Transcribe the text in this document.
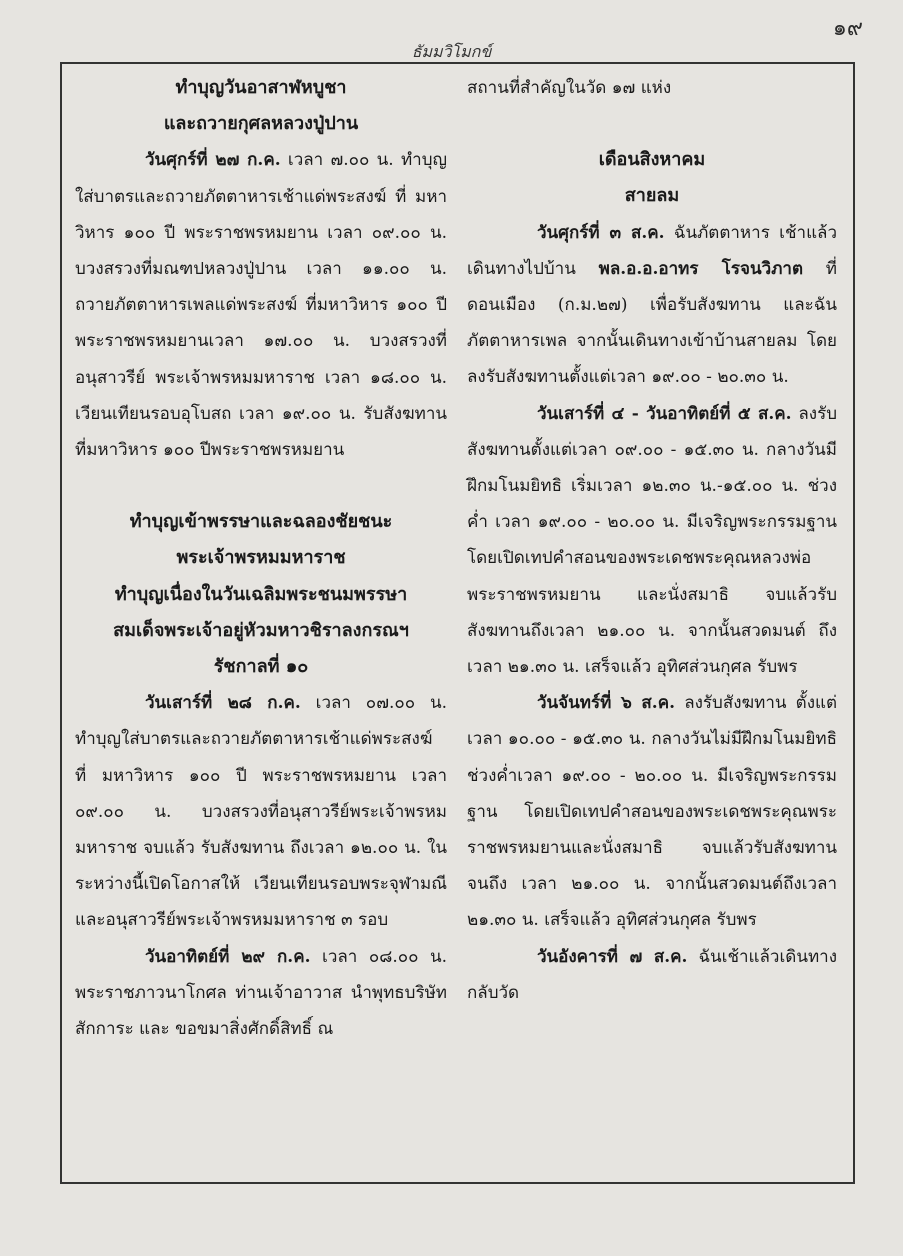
๑๙
ธัมมวิโมกข์

ทำบุญวันอาสาฬหบูชา

และถวายกุศลหลวงปู่ปาน

วันศุกร์ที่ ๒๗ ก.ค. เวลา ๗.๐๐ น. ทำบุญใส่บาตรและถวายภัตตาหารเช้าแด่พระสงฆ์ ที่ มหาวิหาร ๑๐๐ ปี พระราชพรหมยาน เวลา ๐๙.๐๐ น. บวงสรวงที่มณฑปหลวงปู่ปาน เวลา ๑๑.๐๐ น. ถวายภัตตาหารเพลแด่พระสงฆ์ ที่มหาวิหาร ๑๐๐ ปีพระราชพรหมยานเวลา ๑๗.๐๐ น. บวงสรวงที่อนุสาวรีย์ พระเจ้าพรหมมหาราช เวลา ๑๘.๐๐ น. เวียนเทียนรอบอุโบสถ เวลา ๑๙.๐๐ น. รับสังฆทานที่มหาวิหาร ๑๐๐ ปีพระราชพรหมยาน

ทำบุญเข้าพรรษาและฉลองชัยชนะ

พระเจ้าพรหมมหาราช

ทำบุญเนื่องในวันเฉลิมพระชนมพรรษา

สมเด็จพระเจ้าอยู่หัวมหาวชิราลงกรณฯ

รัชกาลที่ ๑๐

วันเสาร์ที่ ๒๘ ก.ค. เวลา ๐๗.๐๐ น. ทำบุญใส่บาตรและถวายภัตตาหารเช้าแด่พระสงฆ์ ที่ มหาวิหาร ๑๐๐ ปี พระราชพรหมยาน เวลา ๐๙.๐๐ น. บวงสรวงที่อนุสาวรีย์พระเจ้าพรหมมหาราช จบแล้ว รับสังฆทาน ถึงเวลา ๑๒.๐๐ น. ในระหว่างนี้เปิดโอกาสให้ เวียนเทียนรอบพระจุฬามณีและอนุสาวรีย์พระเจ้าพรหมมหาราช ๓ รอบ

วันอาทิตย์ที่ ๒๙ ก.ค. เวลา ๐๘.๐๐ น. พระราชภาวนาโกศล ท่านเจ้าอาวาส นำพุทธบริษัทสักการะ และ ขอขมาสิ่งศักดิ์สิทธิ์ ณ

สถานที่สำคัญในวัด ๑๗ แห่ง

เดือนสิงหาคม

สายลม

วันศุกร์ที่ ๓ ส.ค. ฉันภัตตาหาร เช้าแล้ว เดินทางไปบ้าน พล.อ.อ.อาทร โรจนวิภาต ที่ดอนเมือง (ก.ม.๒๗) เพื่อรับสังฆทาน และฉันภัตตาหารเพล จากนั้นเดินทางเข้าบ้านสายลม โดยลงรับสังฆทานตั้งแต่เวลา ๑๙.๐๐ - ๒๐.๓๐ น.

วันเสาร์ที่ ๔ - วันอาทิตย์ที่ ๕ ส.ค. ลงรับสังฆทานตั้งแต่เวลา ๐๙.๐๐ - ๑๕.๓๐ น. กลางวันมีฝึกมโนมยิทธิ เริ่มเวลา ๑๒.๓๐ น.-๑๕.๐๐ น. ช่วงค่ำ เวลา ๑๙.๐๐ - ๒๐.๐๐ น. มีเจริญพระกรรมฐาน โดยเปิดเทปคำสอนของพระเดชพระคุณหลวงพ่อพระราชพรหมยาน และนั่งสมาธิ จบแล้วรับสังฆทานถึงเวลา ๒๑.๐๐ น. จากนั้นสวดมนต์ ถึงเวลา ๒๑.๓๐ น. เสร็จแล้ว อุทิศส่วนกุศล รับพร

วันจันทร์ที่ ๖ ส.ค. ลงรับสังฆทาน ตั้งแต่เวลา ๑๐.๐๐ - ๑๕.๓๐ น. กลางวันไม่มีฝึกมโนมยิทธิ ช่วงค่ำเวลา ๑๙.๐๐ - ๒๐.๐๐ น. มีเจริญพระกรรมฐาน โดยเปิดเทปคำสอนของพระเดชพระคุณพระราชพรหมยานและนั่งสมาธิ จบแล้วรับสังฆทานจนถึง เวลา ๒๑.๐๐ น. จากนั้นสวดมนต์ถึงเวลา ๒๑.๓๐ น. เสร็จแล้ว อุทิศส่วนกุศล รับพร

วันอังคารที่ ๗ ส.ค. ฉันเช้าแล้วเดินทางกลับวัด
